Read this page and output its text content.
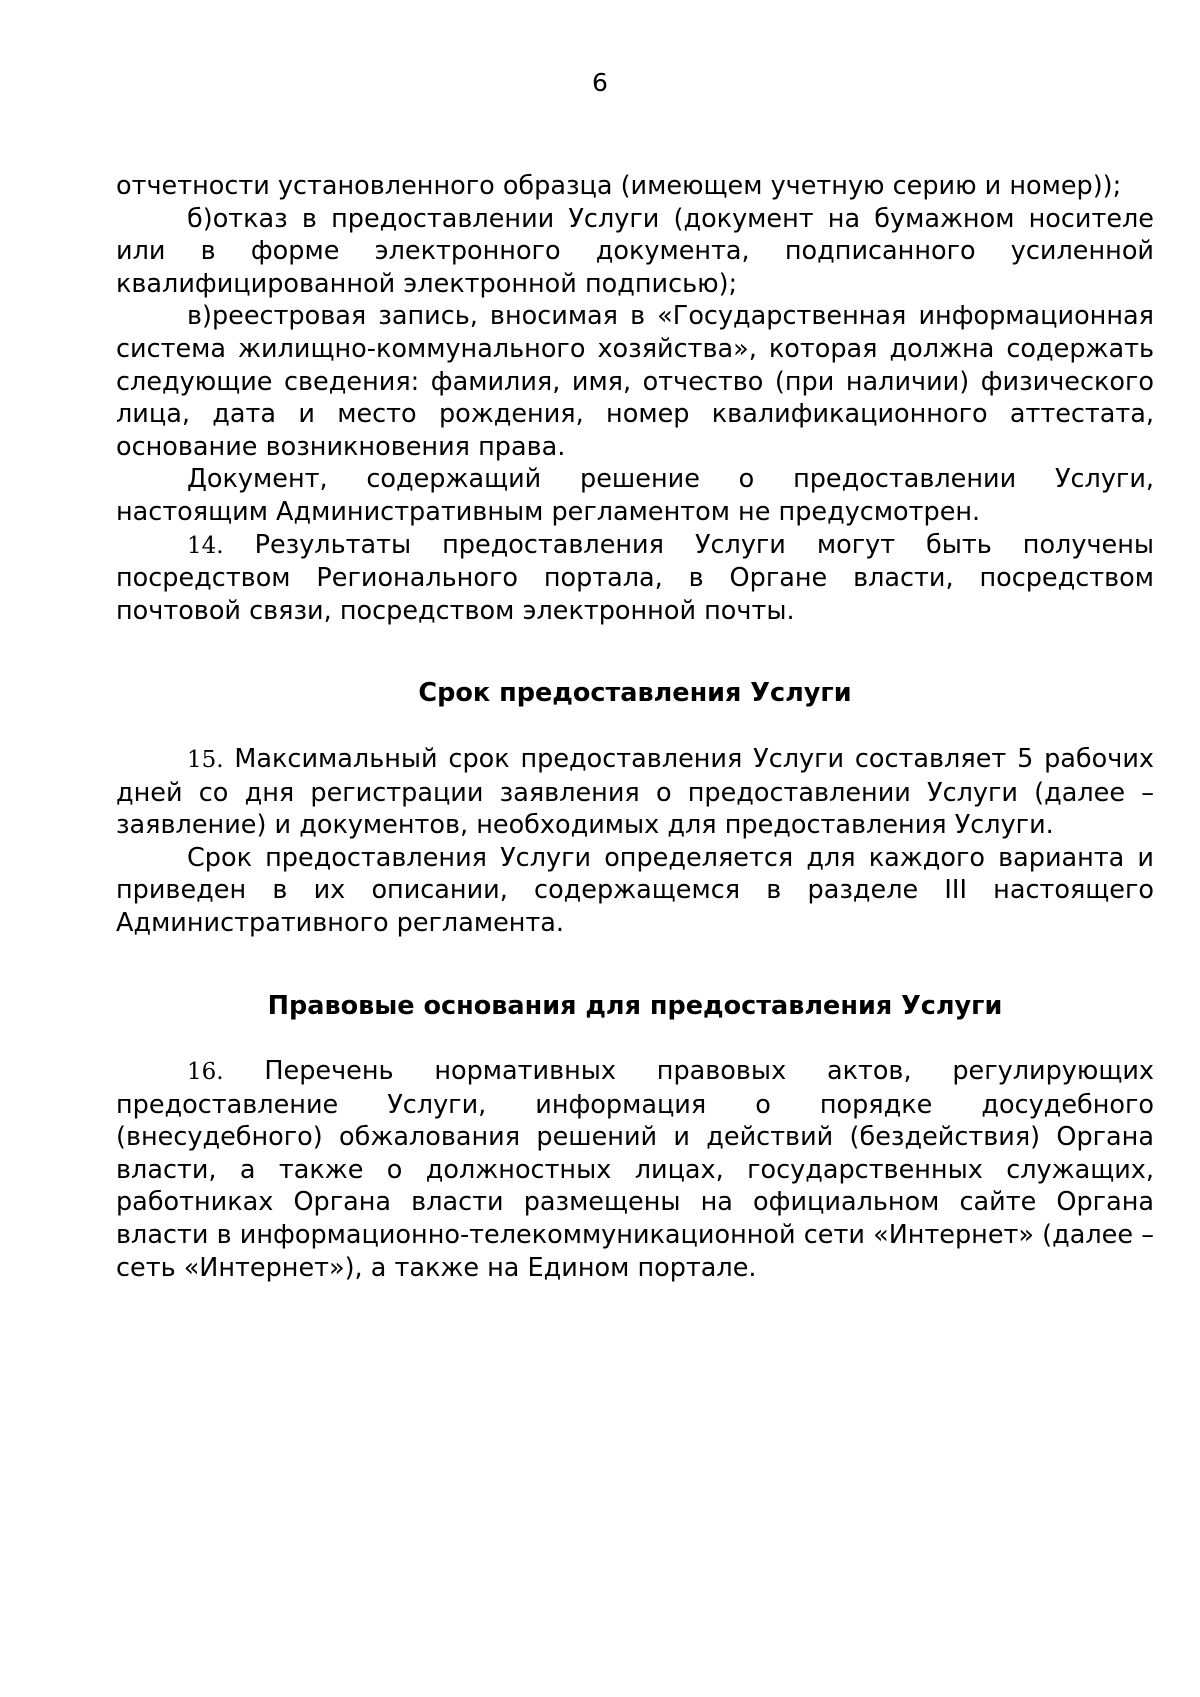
6

отчетности установленного образца (имеющем учетную серию и номер));

б)отказ в предоставлении Услуги (документ на бумажном носителе или в форме электронного документа, подписанного усиленной квалифицированной электронной подписью);

в)реестровая запись, вносимая в «Государственная информационная система жилищно-коммунального хозяйства», которая должна содержать следующие сведения: фамилия, имя, отчество (при наличии) физического лица, дата и место рождения, номер квалификационного аттестата, основание возникновения права.

Документ, содержащий решение о предоставлении Услуги, настоящим Административным регламентом не предусмотрен.

14. Результаты предоставления Услуги могут быть получены посредством Регионального портала, в Органе власти, посредством почтовой связи, посредством электронной почты.

Срок предоставления Услуги

15. Максимальный срок предоставления Услуги составляет 5 рабочих дней со дня регистрации заявления о предоставлении Услуги (далее – заявление) и документов, необходимых для предоставления Услуги.

Срок предоставления Услуги определяется для каждого варианта и приведен в их описании, содержащемся в разделе III настоящего Административного регламента.

Правовые основания для предоставления Услуги

16. Перечень нормативных правовых актов, регулирующих предоставление Услуги, информация о порядке досудебного (внесудебного) обжалования решений и действий (бездействия) Органа власти, а также о должностных лицах, государственных служащих, работниках Органа власти размещены на официальном сайте Органа власти в информационно-телекоммуникационной сети «Интернет» (далее – сеть «Интернет»), а также на Едином портале.
